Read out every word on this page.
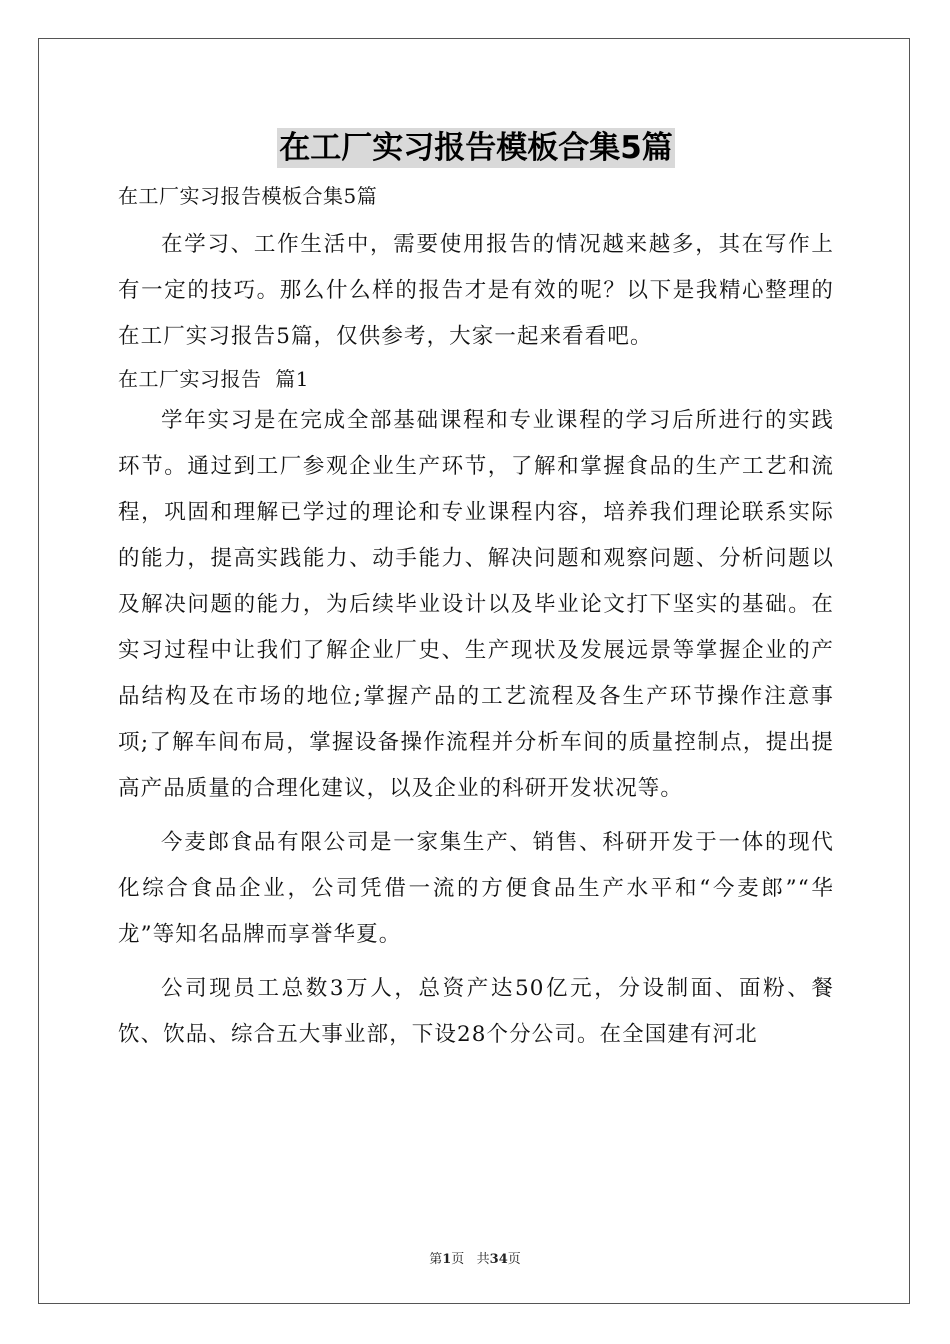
在工厂实习报告模板合集5篇

在工厂实习报告模板合集5篇

在学习、工作生活中，需要使用报告的情况越来越多，其在写作上有一定的技巧。那么什么样的报告才是有效的呢？以下是我精心整理的在工厂实习报告5篇，仅供参考，大家一起来看看吧。

在工厂实习报告  篇1

学年实习是在完成全部基础课程和专业课程的学习后所进行的实践环节。通过到工厂参观企业生产环节，了解和掌握食品的生产工艺和流程，巩固和理解已学过的理论和专业课程内容，培养我们理论联系实际的能力，提高实践能力、动手能力、解决问题和观察问题、分析问题以及解决问题的能力，为后续毕业设计以及毕业论文打下坚实的基础。在实习过程中让我们了解企业厂史、生产现状及发展远景等掌握企业的产品结构及在市场的地位;掌握产品的工艺流程及各生产环节操作注意事项;了解车间布局，掌握设备操作流程并分析车间的质量控制点，提出提高产品质量的合理化建议，以及企业的科研开发状况等。

今麦郎食品有限公司是一家集生产、销售、科研开发于一体的现代化综合食品企业，公司凭借一流的方便食品生产水平和“今麦郎”“华龙”等知名品牌而享誉华夏。

公司现员工总数3万人，总资产达50亿元，分设制面、面粉、餐饮、饮品、综合五大事业部，下设28个分公司。在全国建有河北

第1页   共34页
